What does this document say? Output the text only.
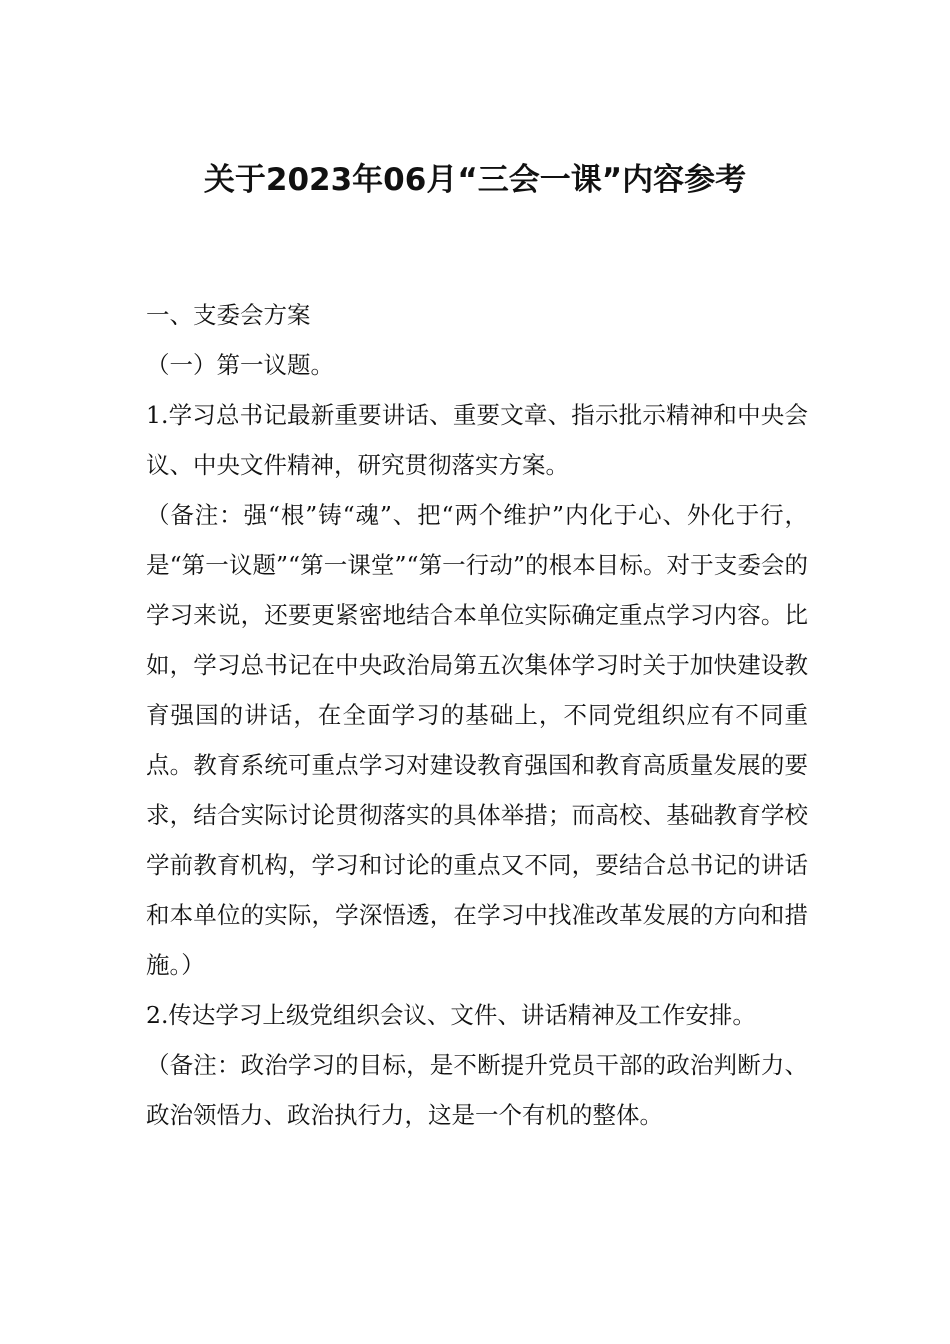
关于2023年06月“三会一课”内容参考

一、支委会方案

（一）第一议题。

1.学习总书记最新重要讲话、重要文章、指示批示精神和中央会议、中央文件精神，研究贯彻落实方案。

（备注：强“根”铸“魂”、把“两个维护”内化于心、外化于行，是“第一议题”“第一课堂”“第一行动”的根本目标。对于支委会的学习来说，还要更紧密地结合本单位实际确定重点学习内容。比如，学习总书记在中央政治局第五次集体学习时关于加快建设教育强国的讲话，在全面学习的基础上，不同党组织应有不同重点。教育系统可重点学习对建设教育强国和教育高质量发展的要求，结合实际讨论贯彻落实的具体举措；而高校、基础教育学校学前教育机构，学习和讨论的重点又不同，要结合总书记的讲话和本单位的实际，学深悟透，在学习中找准改革发展的方向和措施。）

2.传达学习上级党组织会议、文件、讲话精神及工作安排。

（备注：政治学习的目标，是不断提升党员干部的政治判断力、政治领悟力、政治执行力，这是一个有机的整体。
